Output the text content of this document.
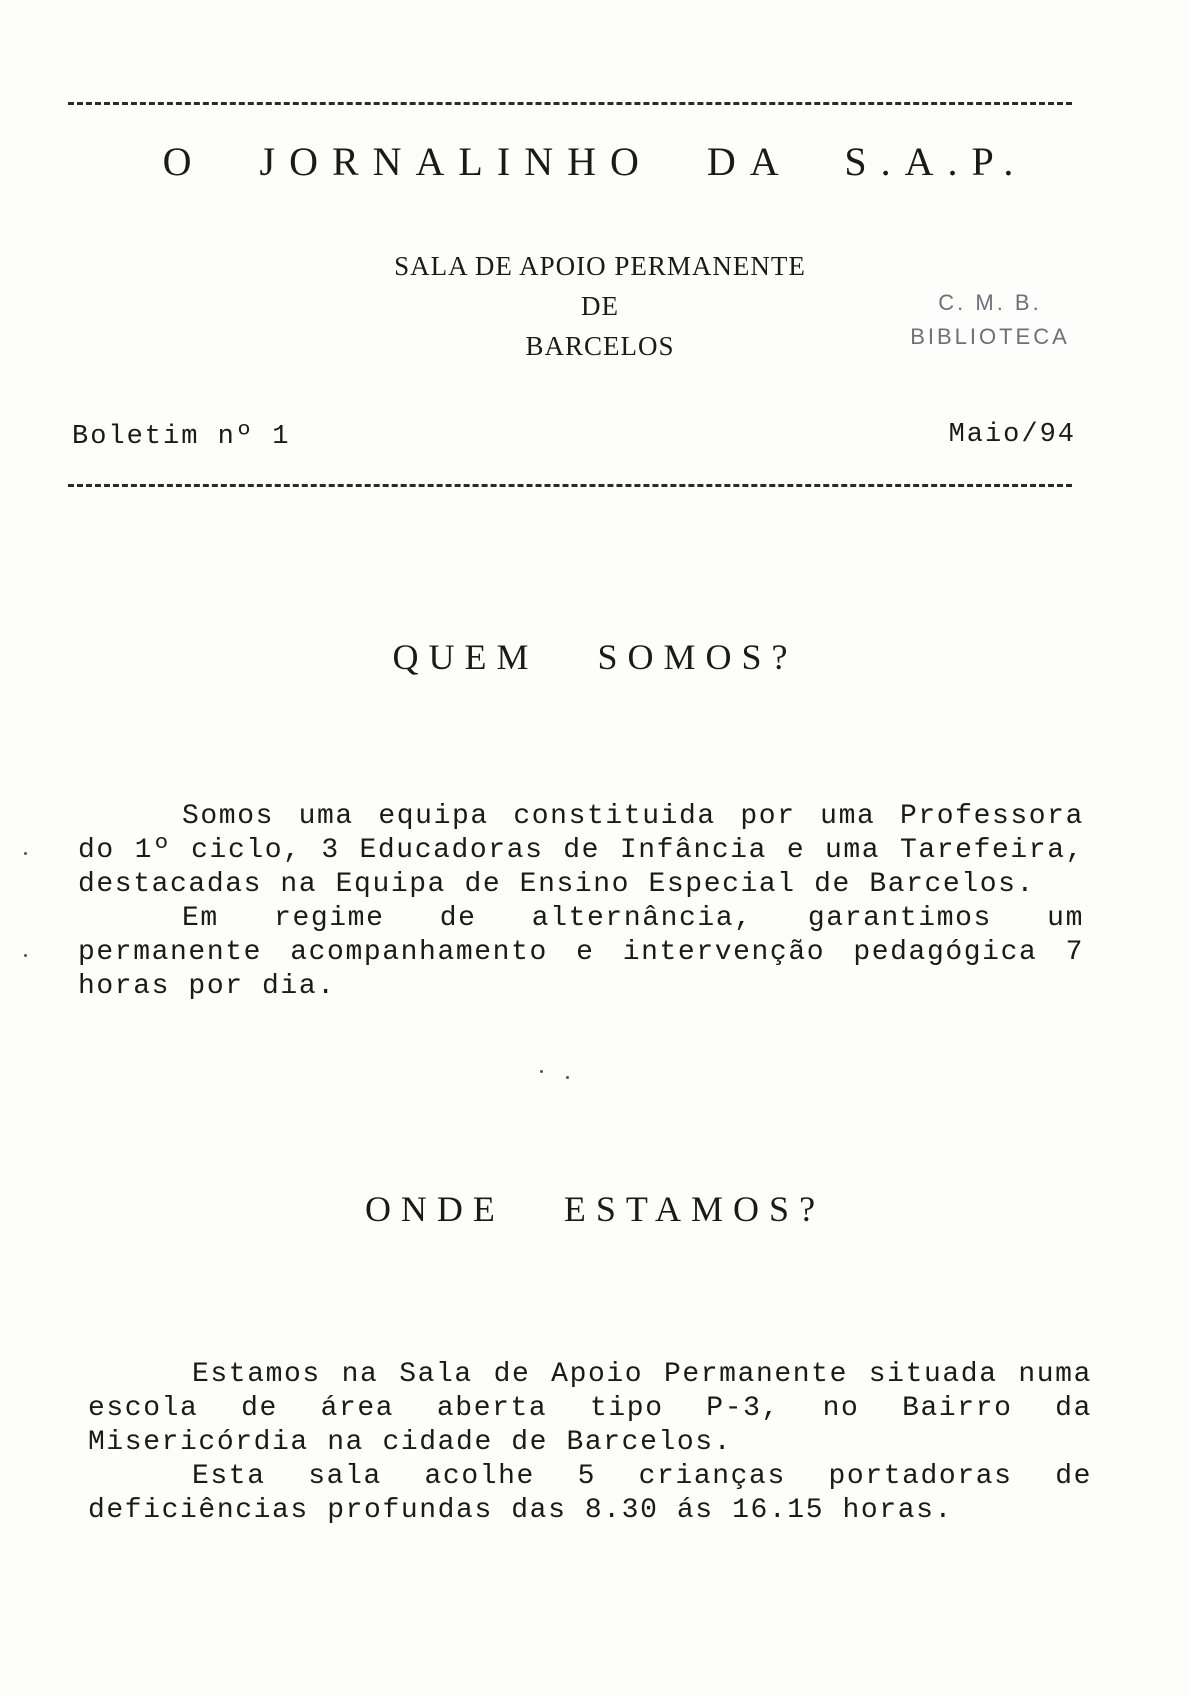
O JORNALINHO DA S.A.P.
SALA DE APOIO PERMANENTE
DE
BARCELOS
C. M. B.
BIBLIOTECA
Boletim nº 1	Maio/94
QUEM SOMOS?

Somos uma equipa constituida por uma Professora do 1º ciclo, 3 Educadoras de Infância e uma Tarefeira, destacadas na Equipa de Ensino Especial de Barcelos.

Em regime de alternância, garantimos um permanente acompanhamento e intervenção pedagógica 7 horas por dia.

ONDE ESTAMOS?

Estamos na Sala de Apoio Permanente situada numa escola de área aberta tipo P-3, no Bairro da Misericórdia na cidade de Barcelos.

Esta sala acolhe 5 crianças portadoras de deficiências profundas das 8.30 ás 16.15 horas.
